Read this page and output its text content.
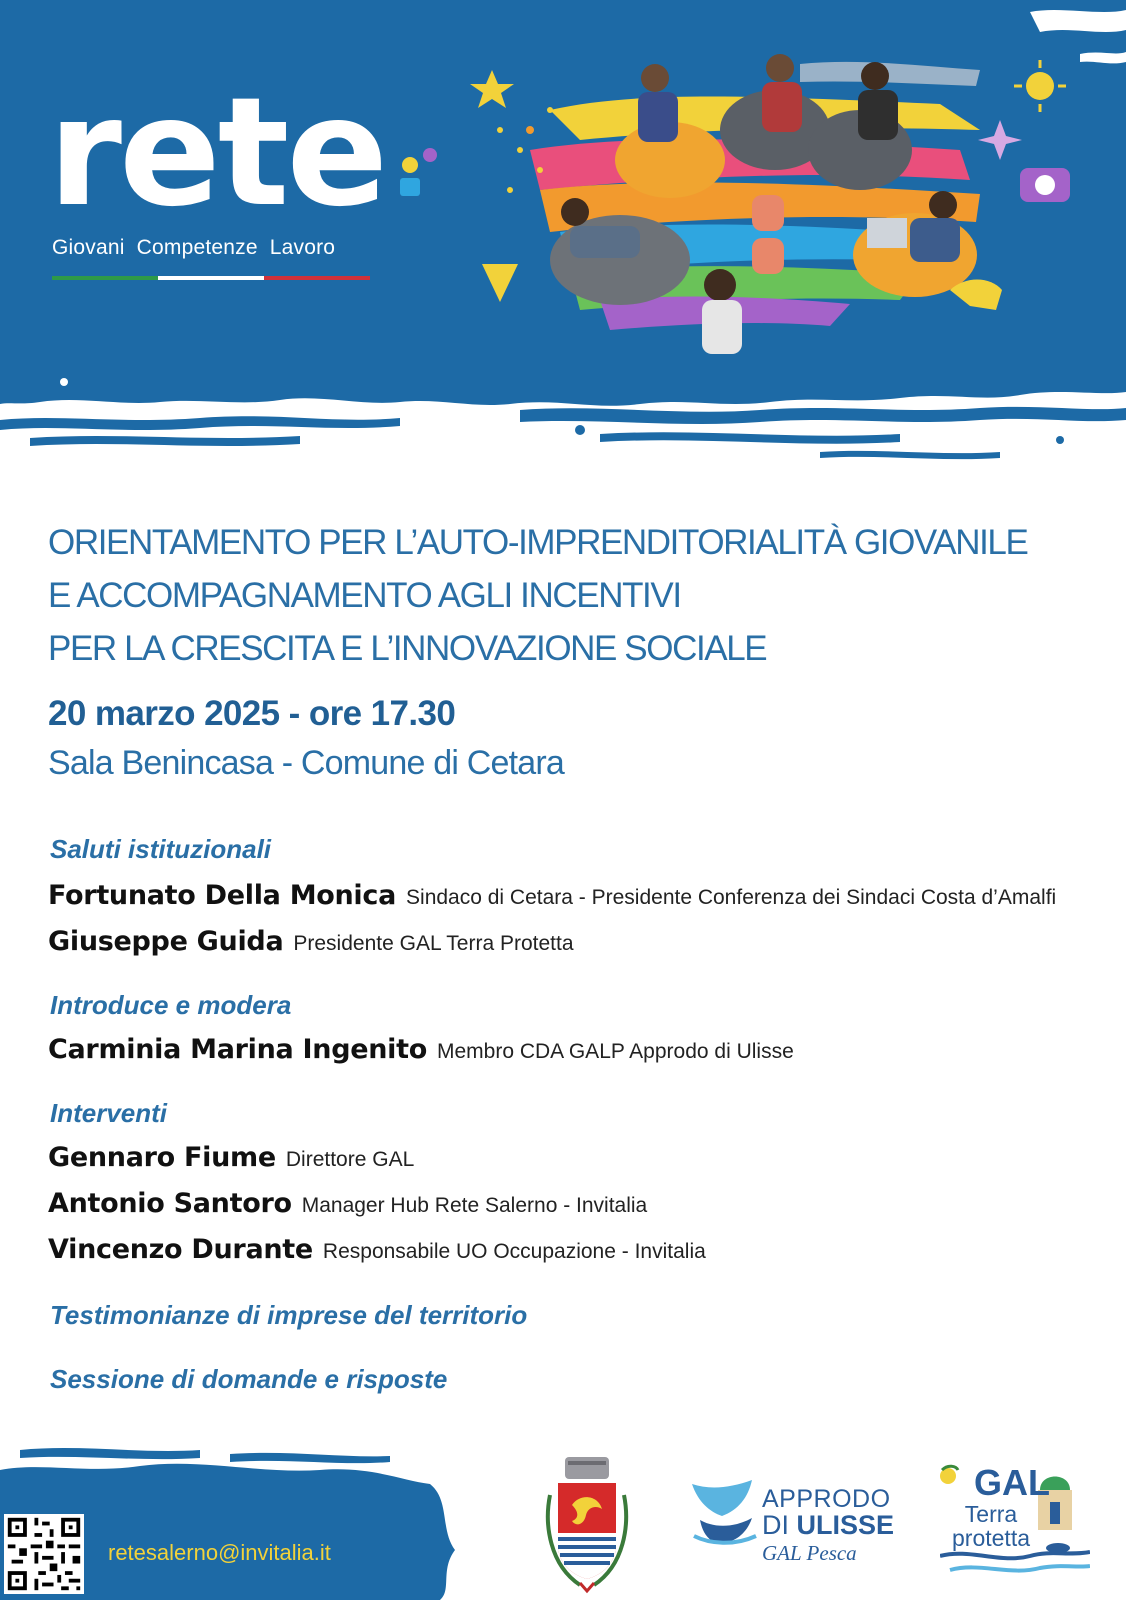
rete
Giovani Competenze Lavoro
ORIENTAMENTO PER L’AUTO-IMPRENDITORIALITÀ GIOVANILE
E ACCOMPAGNAMENTO AGLI INCENTIVI
PER LA CRESCITA E L’INNOVAZIONE SOCIALE
20 marzo 2025 - ore 17.30
Sala Benincasa - Comune di Cetara
Saluti istituzionali
Fortunato Della Monica Sindaco di Cetara - Presidente Conferenza dei Sindaci Costa d’Amalfi
Giuseppe Guida Presidente GAL Terra Protetta
Introduce e modera
Carminia Marina Ingenito Membro CDA GALP Approdo di Ulisse
Interventi
Gennaro Fiume Direttore GAL
Antonio Santoro Manager Hub Rete Salerno - Invitalia
Vincenzo Durante Responsabile UO Occupazione - Invitalia
Testimonianze di imprese del territorio
Sessione di domande e risposte
retesalerno@invitalia.it
APPRODO
DI ULISSE
GAL Pesca
GAL
Terra
protetta
